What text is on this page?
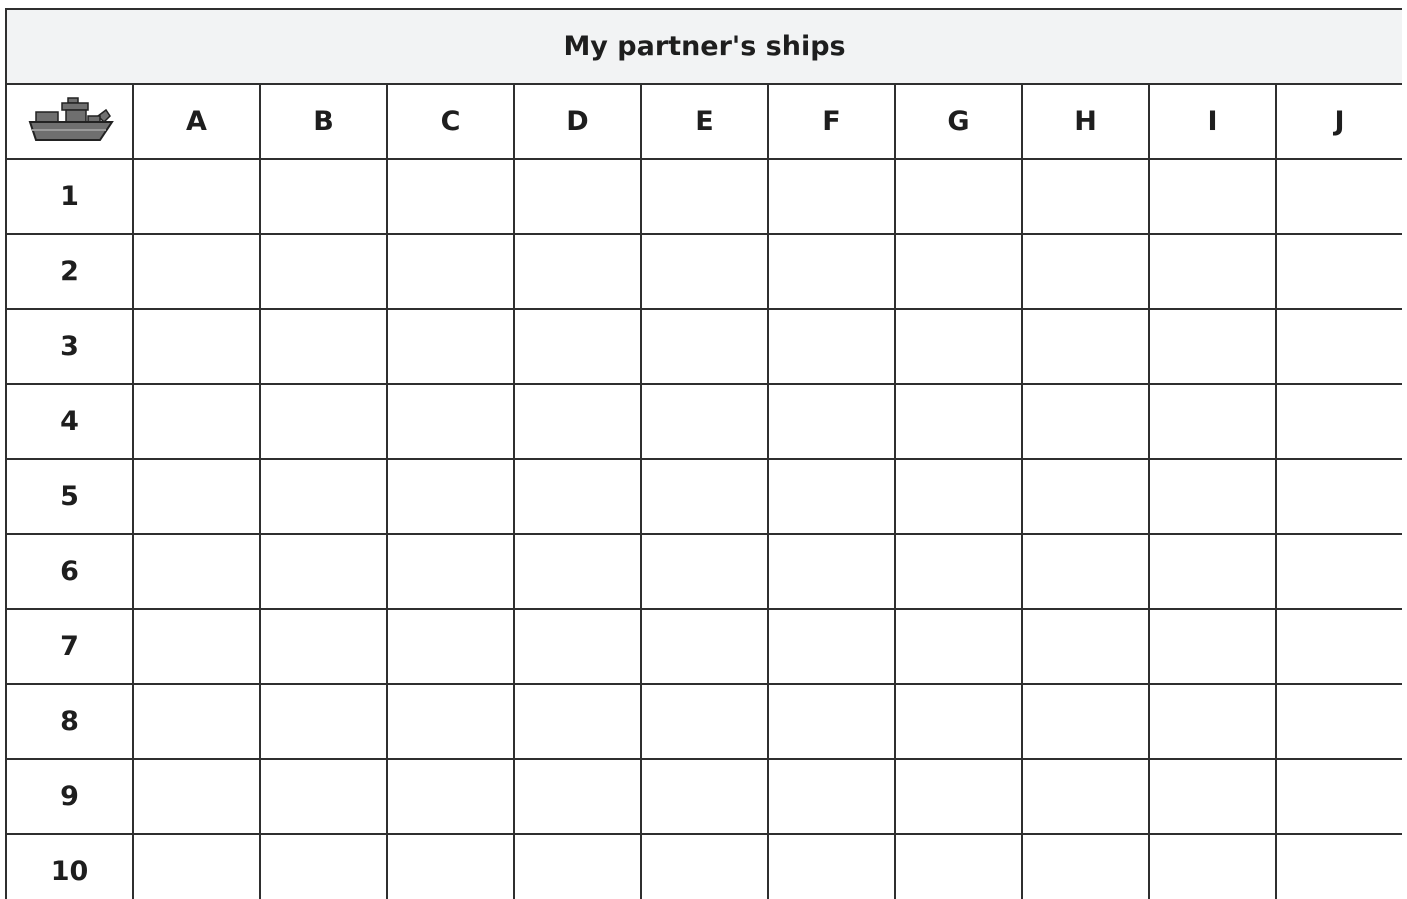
My partner's ships										

	A	B	C	D	E	F	G	H	I	J
1										
2										
3										
4										
5										
6										
7										
8										
9										
10										
